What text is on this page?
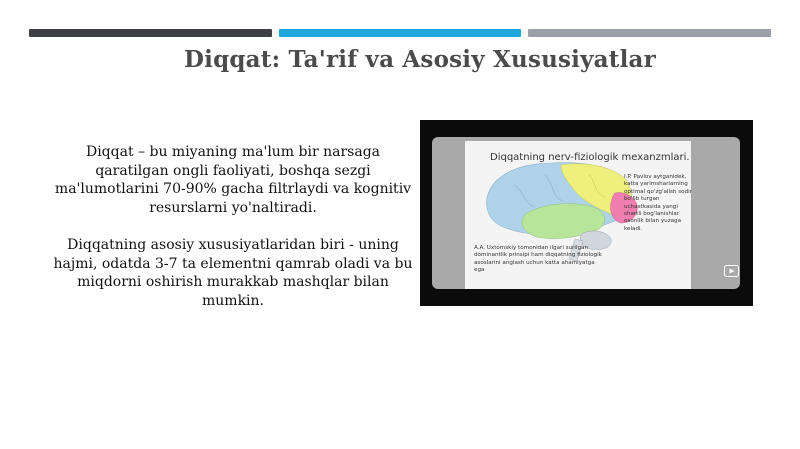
Diqqat: Ta'rif va Asosiy Xususiyatlar

Diqqat – bu miyaning ma'lum bir narsaga qaratilgan ongli faoliyati, boshqa sezgi ma'lumotlarini 70-90% gacha filtrlaydi va kognitiv resurslarni yo'naltiradi.

Diqqatning asosiy xususiyatlaridan biri - uning hajmi, odatda 3-7 ta elementni qamrab oladi va bu miqdorni oshirish murakkab mashqlar bilan mumkin.

Diqqatning nerv-fiziologik mexanzmlari.
I.P. Pavlov aytganidek, katta yarimsharlarning optimal qo'zg'alish sodir bo'lib turgan uchastkasida yangi shartli bog'lanishlar osonlik bilan yuzaga keladi.
A.A. Uxtomskiy tomonidan ilgari surilgan dominantlik prinsipi ham diqqatning fiziologik asoslarini anglash uchun katta ahamiyatga ega
